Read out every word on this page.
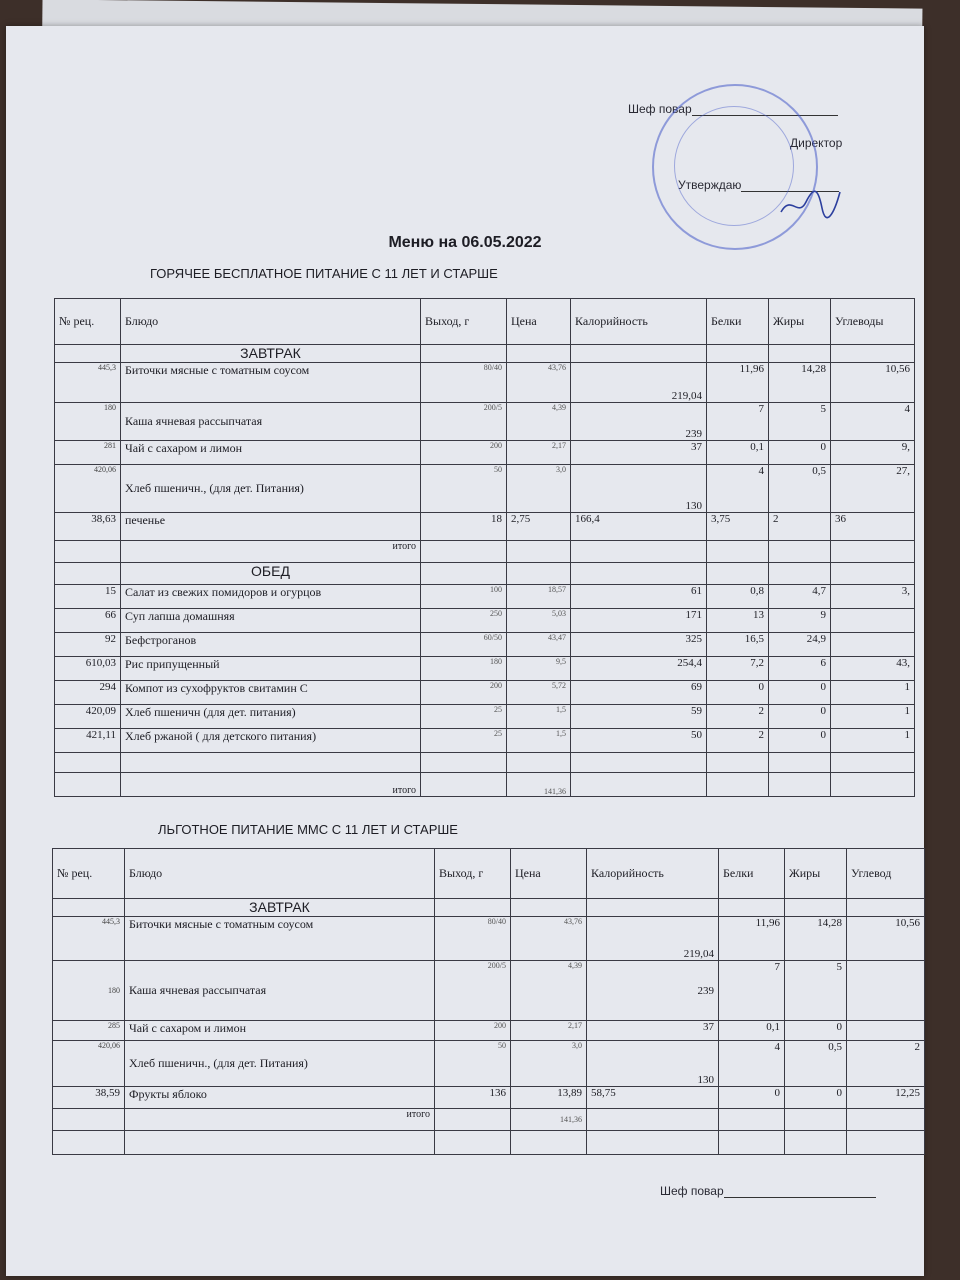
Шеф повар
Директор
Утверждаю
Меню на 06.05.2022
ГОРЯЧЕЕ БЕСПЛАТНОЕ ПИТАНИЕ С 11 ЛЕТ И СТАРШЕ
№ рец.	Блюдо	Выход, г	Цена	Калорийность	Белки	Жиры	Углеводы
	ЗАВТРАК						
445,3	Биточки мясные с томатным соусом	80/40	43,76	219,04	11,96	14,28	10,56
180	Каша ячневая рассыпчатая	200/5	4,39	239	7	5	4
281	Чай с сахаром и лимон	200	2,17	37	0,1	0	9,
420,06	Хлеб пшеничн., (для дет. Питания)	50	3,0	130	4	0,5	27,
38,63	печенье	18	2,75	166,4	3,75	2	36
	итого						
	ОБЕД						
15	Салат из свежих помидоров и огурцов	100	18,57	61	0,8	4,7	3,
66	Суп лапша домашняя	250	5,03	171	13	9	
92	Бефстроганов	60/50	43,47	325	16,5	24,9	
610,03	Рис припущенный	180	9,5	254,4	7,2	6	43,
294	Компот из сухофруктов свитамин С	200	5,72	69	0	0	1
420,09	Хлеб пшеничн (для дет. питания)	25	1,5	59	2	0	1
421,11	Хлеб ржаной ( для детского питания)	25	1,5	50	2	0	1

	итого		141,36				
ЛЬГОТНОЕ ПИТАНИЕ ММС С 11 ЛЕТ И СТАРШЕ
№ рец.	Блюдо	Выход, г	Цена	Калорийность	Белки	Жиры	Углевод
	ЗАВТРАК						
445,3	Биточки мясные с томатным соусом	80/40	43,76	219,04	11,96	14,28	10,56
180	Каша ячневая рассыпчатая	200/5	4,39	239	7	5	
285	Чай с сахаром и лимон	200	2,17	37	0,1	0	
420,06	Хлеб пшеничн., (для дет. Питания)	50	3,0	130	4	0,5	2
38,59	Фрукты яблоко	136	13,89	58,75	0	0	12,25
	итого		141,36				

Шеф повар
